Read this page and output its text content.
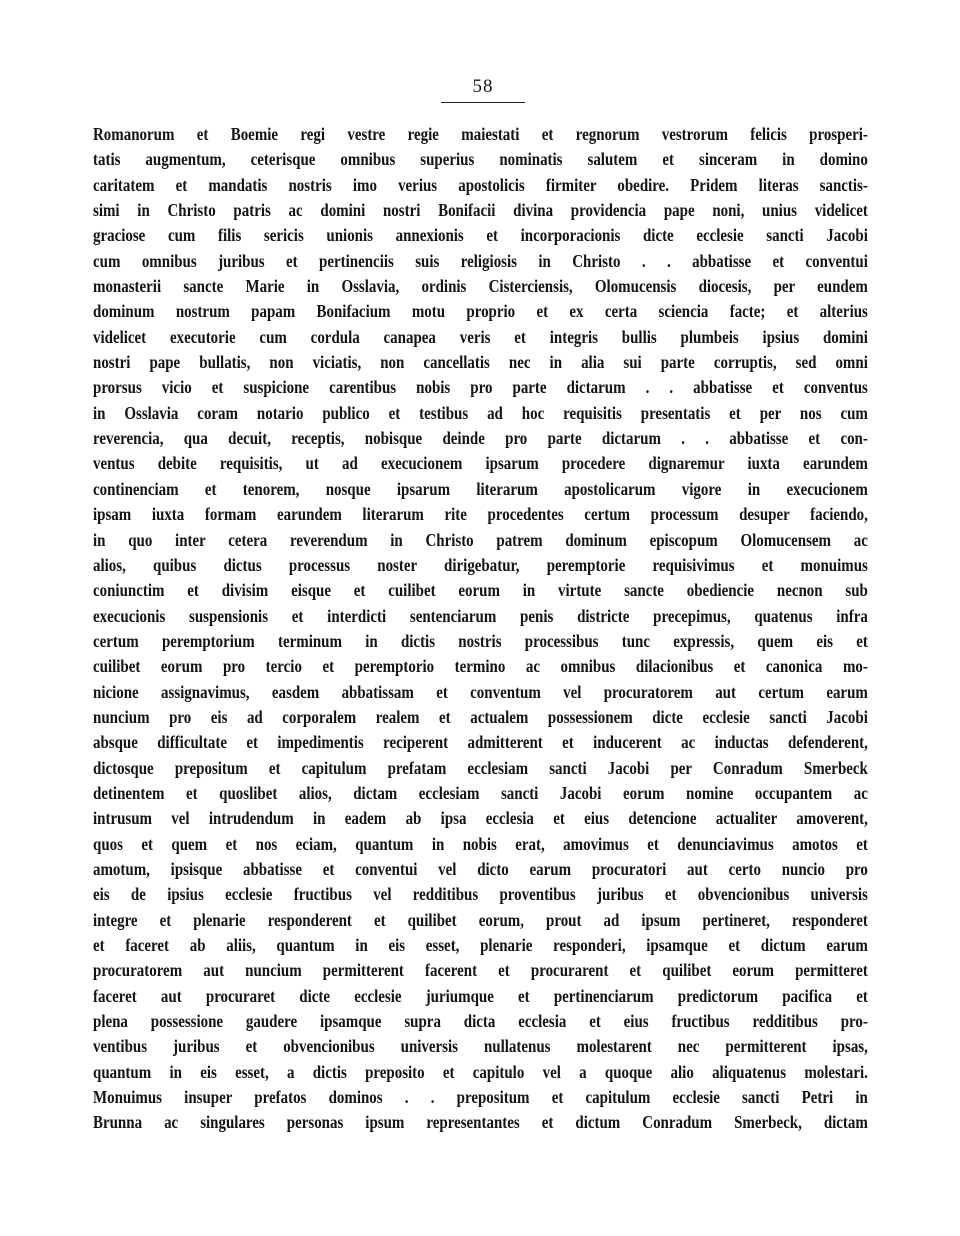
58
Romanorum et Boemie regi vestre regie maiestati et regnorum vestrorum felicis prosperi-
tatis augmentum, ceterisque omnibus superius nominatis salutem et sinceram in domino
caritatem et mandatis nostris imo verius apostolicis firmiter obedire. Pridem literas sanctis-
simi in Christo patris ac domini nostri Bonifacii divina providencia pape noni, unius videlicet
graciose cum filis sericis unionis annexionis et incorporacionis dicte ecclesie sancti Jacobi
cum omnibus juribus et pertinenciis suis religiosis in Christo . . abbatisse et conventui
monasterii sancte Marie in Osslavia, ordinis Cisterciensis, Olomucensis diocesis, per eundem
dominum nostrum papam Bonifacium motu proprio et ex certa sciencia facte; et alterius
videlicet executorie cum cordula canapea veris et integris bullis plumbeis ipsius domini
nostri pape bullatis, non viciatis, non cancellatis nec in alia sui parte corruptis, sed omni
prorsus vicio et suspicione carentibus nobis pro parte dictarum . . abbatisse et conventus
in Osslavia coram notario publico et testibus ad hoc requisitis presentatis et per nos cum
reverencia, qua decuit, receptis, nobisque deinde pro parte dictarum . . abbatisse et con-
ventus debite requisitis, ut ad execucionem ipsarum procedere dignaremur iuxta earundem
continenciam et tenorem, nosque ipsarum literarum apostolicarum vigore in execucionem
ipsam iuxta formam earundem literarum rite procedentes certum processum desuper faciendo,
in quo inter cetera reverendum in Christo patrem dominum episcopum Olomucensem ac
alios, quibus dictus processus noster dirigebatur, peremptorie requisivimus et monuimus
coniunctim et divisim eisque et cuilibet eorum in virtute sancte obediencie necnon sub
execucionis suspensionis et interdicti sentenciarum penis districte precepimus, quatenus infra
certum peremptorium terminum in dictis nostris processibus tunc expressis, quem eis et
cuilibet eorum pro tercio et peremptorio termino ac omnibus dilacionibus et canonica mo-
nicione assignavimus, easdem abbatissam et conventum vel procuratorem aut certum earum
nuncium pro eis ad corporalem realem et actualem possessionem dicte ecclesie sancti Jacobi
absque difficultate et impedimentis reciperent admitterent et inducerent ac inductas defenderent,
dictosque prepositum et capitulum prefatam ecclesiam sancti Jacobi per Conradum Smerbeck
detinentem et quoslibet alios, dictam ecclesiam sancti Jacobi eorum nomine occupantem ac
intrusum vel intrudendum in eadem ab ipsa ecclesia et eius detencione actualiter amoverent,
quos et quem et nos eciam, quantum in nobis erat, amovimus et denunciavimus amotos et
amotum, ipsisque abbatisse et conventui vel dicto earum procuratori aut certo nuncio pro
eis de ipsius ecclesie fructibus vel redditibus proventibus juribus et obvencionibus universis
integre et plenarie responderent et quilibet eorum, prout ad ipsum pertineret, responderet
et faceret ab aliis, quantum in eis esset, plenarie responderi, ipsamque et dictum earum
procuratorem aut nuncium permitterent facerent et procurarent et quilibet eorum permitteret
faceret aut procuraret dicte ecclesie juriumque et pertinenciarum predictorum pacifica et
plena possessione gaudere ipsamque supra dicta ecclesia et eius fructibus redditibus pro-
ventibus juribus et obvencionibus universis nullatenus molestarent nec permitterent ipsas,
quantum in eis esset, a dictis preposito et capitulo vel a quoque alio aliquatenus molestari.
Monuimus insuper prefatos dominos . . prepositum et capitulum ecclesie sancti Petri in
Brunna ac singulares personas ipsum representantes et dictum Conradum Smerbeck, dictam
